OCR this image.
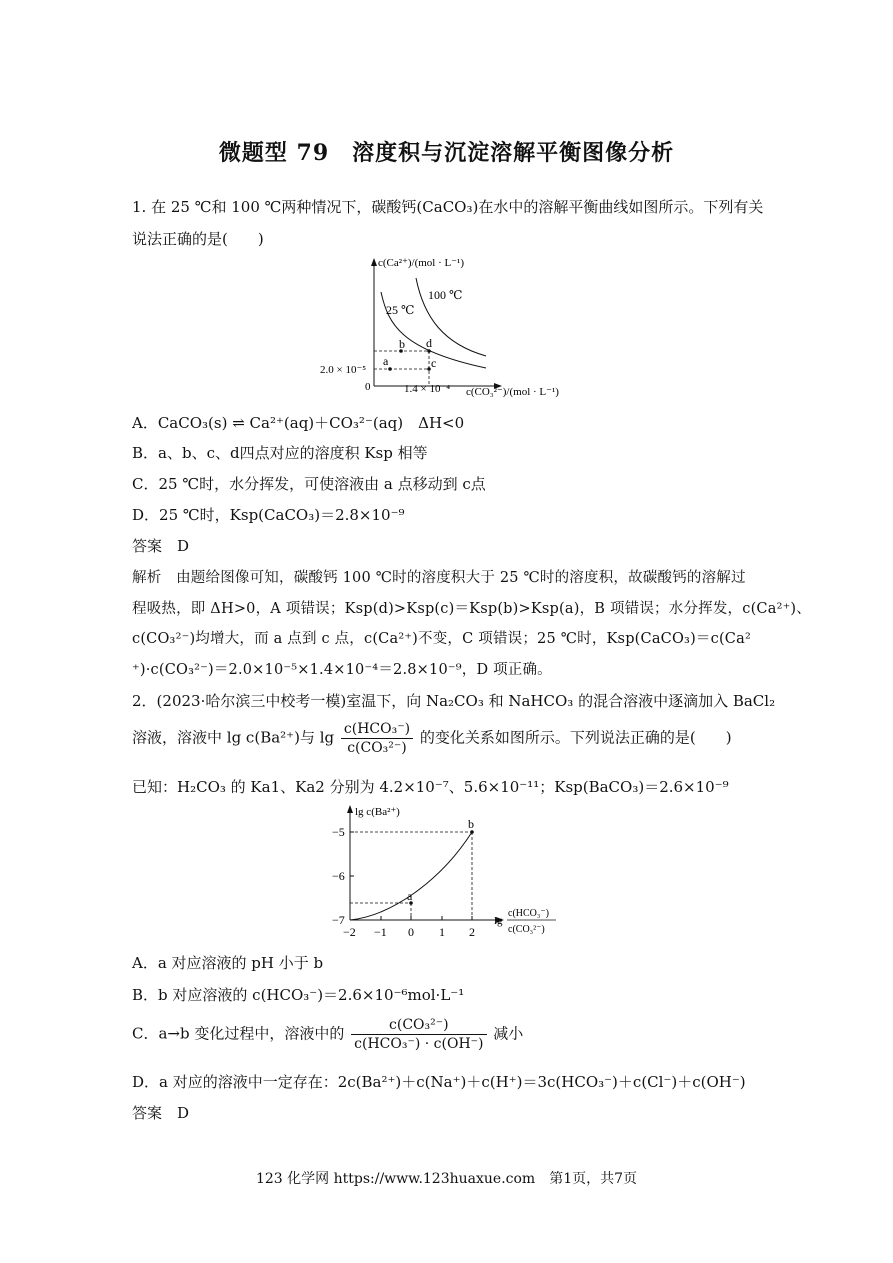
微题型 79　溶度积与沉淀溶解平衡图像分析
1. 在 25 ℃和 100 ℃两种情况下，碳酸钙(CaCO₃)在水中的溶解平衡曲线如图所示。下列有关
说法正确的是(　　)
a
b
c
d
c(Ca²⁺)/(mol · L⁻¹)
25 ℃
100 ℃
2.0 × 10⁻⁵
0	1.4 × 10⁻⁴ c(CO₃²⁻)/(mol · L⁻¹)
A．CaCO₃(s) ⇌ Ca²⁺(aq)＋CO₃²⁻(aq)　ΔH<0
B．a、b、c、d四点对应的溶度积 Ksp 相等
C．25 ℃时，水分挥发，可使溶液由 a 点移动到 c点
D．25 ℃时，Ksp(CaCO₃)＝2.8×10⁻⁹
答案　D
解析　由题给图像可知，碳酸钙 100 ℃时的溶度积大于 25 ℃时的溶度积，故碳酸钙的溶解过
程吸热，即 ΔH>0，A 项错误；Ksp(d)>Ksp(c)＝Ksp(b)>Ksp(a)，B 项错误；水分挥发，c(Ca²⁺)、
c(CO₃²⁻)均增大，而 a 点到 c 点，c(Ca²⁺)不变，C 项错误；25 ℃时，Ksp(CaCO₃)＝c(Ca²
⁺)·c(CO₃²⁻)＝2.0×10⁻⁵×1.4×10⁻⁴＝2.8×10⁻⁹，D 项正确。
2．(2023·哈尔滨三中校考一模)室温下，向 Na₂CO₃ 和 NaHCO₃ 的混合溶液中逐滴加入 BaCl₂
溶液，溶液中 lg c(Ba²⁺)与 $\lg \frac{\text{c(HCO₃⁻)}}{\text{c(CO₃²⁻)}}$ 的变化关系如图所示。下列说法正确的是(　　)
已知：H₂CO₃ 的 Ka1、Ka2 分别为 4.2×10⁻⁷、5.6×10⁻¹¹；Ksp(BaCO₃)＝2.6×10⁻⁹
lg c(Ba²⁺)
−5
−6
−7
−2 −1 0 1 2
a
b
lg
c(HCO₃⁻)
c(CO₃²⁻)
A．a 对应溶液的 pH 小于 b
B．b 对应溶液的 c(HCO₃⁻)＝2.6×10⁻⁶mol·L⁻¹
C．a→b 变化过程中，溶液中的 $\frac{\text{c(CO₃²⁻)}}{\text{c(HCO₃⁻) · c(OH⁻)}}$ 减小
D．a 对应的溶液中一定存在：2c(Ba²⁺)＋c(Na⁺)＋c(H⁺)＝3c(HCO₃⁻)＋c(Cl⁻)＋c(OH⁻)
答案　D
123 化学网 https://www.123huaxue.com　第1页，共7页
